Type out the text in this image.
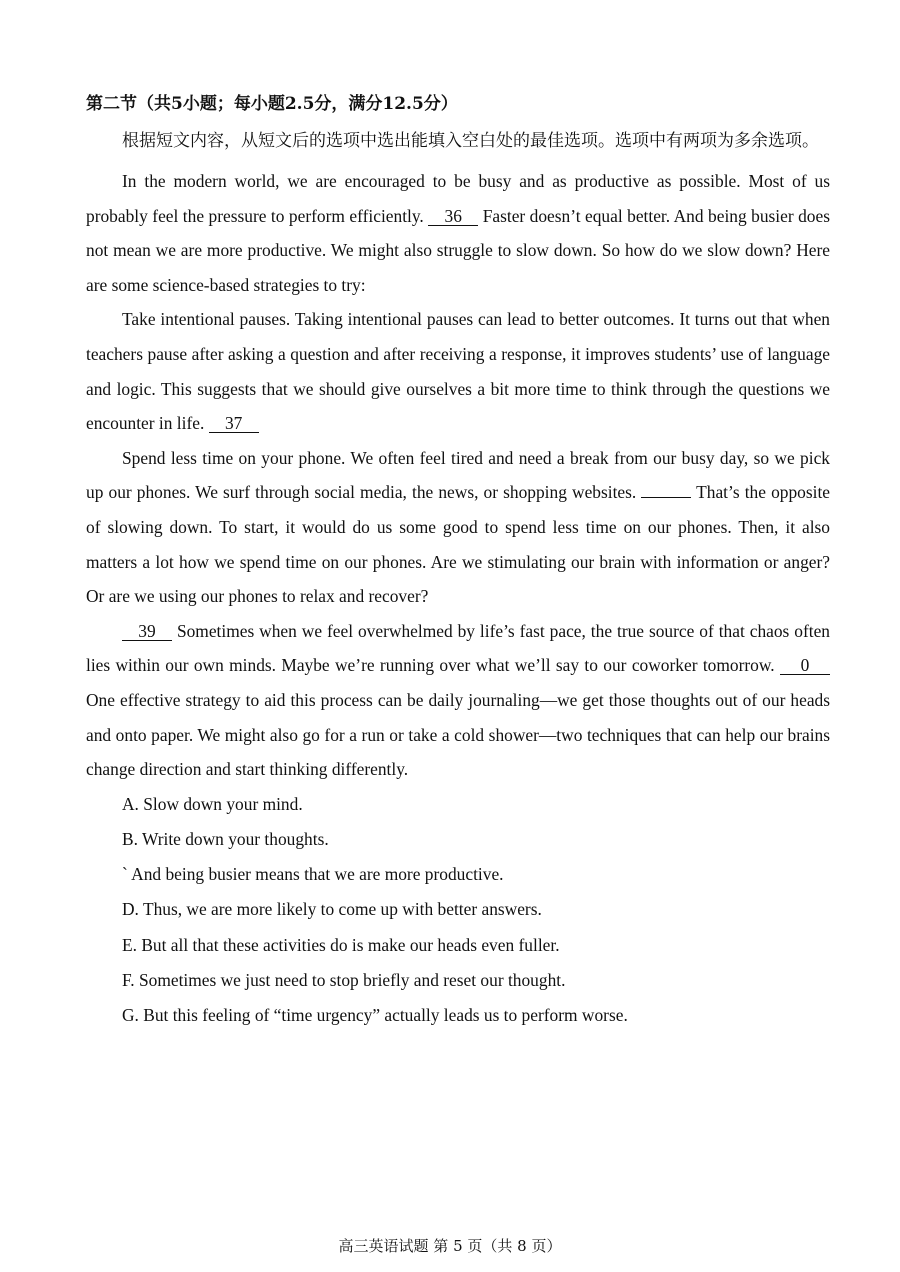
第二节（共5小题；每小题2.5分，满分12.5分）

根据短文内容，从短文后的选项中选出能填入空白处的最佳选项。选项中有两项为多余选项。

In the modern world, we are encouraged to be busy and as productive as possible. Most of us probably feel the pressure to perform efficiently. 36 Faster doesn’t equal better. And being busier does not mean we are more productive. We might also struggle to slow down. So how do we slow down? Here are some science-based strategies to try:

Take intentional pauses. Taking intentional pauses can lead to better outcomes. It turns out that when teachers pause after asking a question and after receiving a response, it improves students’ use of language and logic. This suggests that we should give ourselves a bit more time to think through the questions we encounter in life. 37

Spend less time on your phone. We often feel tired and need a break from our busy day, so we pick up our phones. We surf through social media, the news, or shopping websites.	That’s the opposite of slowing down. To start, it would do us some good to spend less time on our phones. Then, it also matters a lot how we spend time on our phones. Are we stimulating our brain with information or anger? Or are we using our phones to relax and recover?

39 Sometimes when we feel overwhelmed by life’s fast pace, the true source of that chaos often lies within our own minds. Maybe we’re running over what we’ll say to our coworker tomorrow. 0 One effective strategy to aid this process can be daily journaling—we get those thoughts out of our heads and onto paper. We might also go for a run or take a cold shower—two techniques that can help our brains change direction and start thinking differently.

A. Slow down your mind.
B. Write down your thoughts.
` And being busier means that we are more productive.
D. Thus, we are more likely to come up with better answers.
E. But all that these activities do is make our heads even fuller.
F. Sometimes we just need to stop briefly and reset our thought.
G. But this feeling of “time urgency” actually leads us to perform worse.
高三英语试题 第 5 页（共 8 页）
